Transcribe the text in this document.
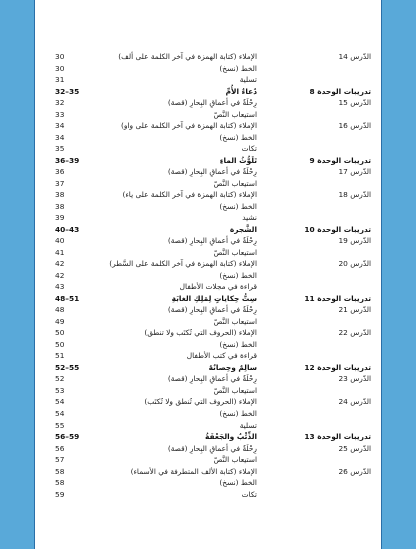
30	الإملاء (كتابة الهمزة في آخر الكلمة على ألف)	الدّرس 14
30	الخط (نسخ)
31	تسلية
32–35	دُعاءُ الأُمِّ	تدريبات الوحدة 8
32	رِحْلَةٌ في أعماقِ البِحارِ (قصة)	الدّرس 15
33	استيعاب النَّصّ
34	الإملاء (كتابة الهمزة في آخر الكلمة على واو)	الدّرس 16
34	الخط (نسخ)
35	تكات
36–39	تَلَوُّثُ الماءِ	تدريبات الوحدة 9
36	رِحْلَةٌ في أعماقِ البِحارِ (قصة)	الدّرس 17
37	استيعاب النَّصّ
38	الإملاء (كتابة الهمزة في آخر الكلمة على ياء)	الدّرس 18
38	الخط (نسخ)
39	نشيد
40–43	الشَّجرة	تدريبات الوحدة 10
40	رِحْلَةٌ في أعماقِ البِحارِ (قصة)	الدّرس 19
41	استيعاب النَّصّ
42	الإملاء (كتابة الهمزة في آخر الكلمة على السَّطر)	الدّرس 20
42	الخط (نسخ)
43	قراءة في مجلات الأطفال
48–51	سِتُّ حِكاياتٍ لِمَلِكِ الغابَةِ	تدريبات الوحدة 11
48	رِحْلَةٌ في أعماقِ البِحارِ (قصة)	الدّرس 21
49	استيعاب النَّصّ
50	الإملاء (الحروف التي تُكتَب ولا تنطق)	الدّرس 22
50	الخط (نسخ)
51	قراءة في كتب الأطفال
52–55	سالِمٌ وحِصانُهُ	تدريبات الوحدة 12
52	رِحْلَةٌ في أعماقِ البِحارِ (قصة)	الدّرس 23
53	استيعاب النَّصّ
54	الإملاء (الحروف التي تُنطق ولا تُكتَب)	الدّرس 24
54	الخط (نسخ)
55	تسلية
56–59	الذِّئْبُ والجَعْفَةُ	تدريبات الوحدة 13
56	رِحْلَةٌ في أعماقِ البِحارِ (قصة)	الدّرس 25
57	استيعاب النَّصّ
58	الإملاء (كتابة الألف المتطرفة في الأسماء)	الدّرس 26
58	الخط (نسخ)
59	تكات
